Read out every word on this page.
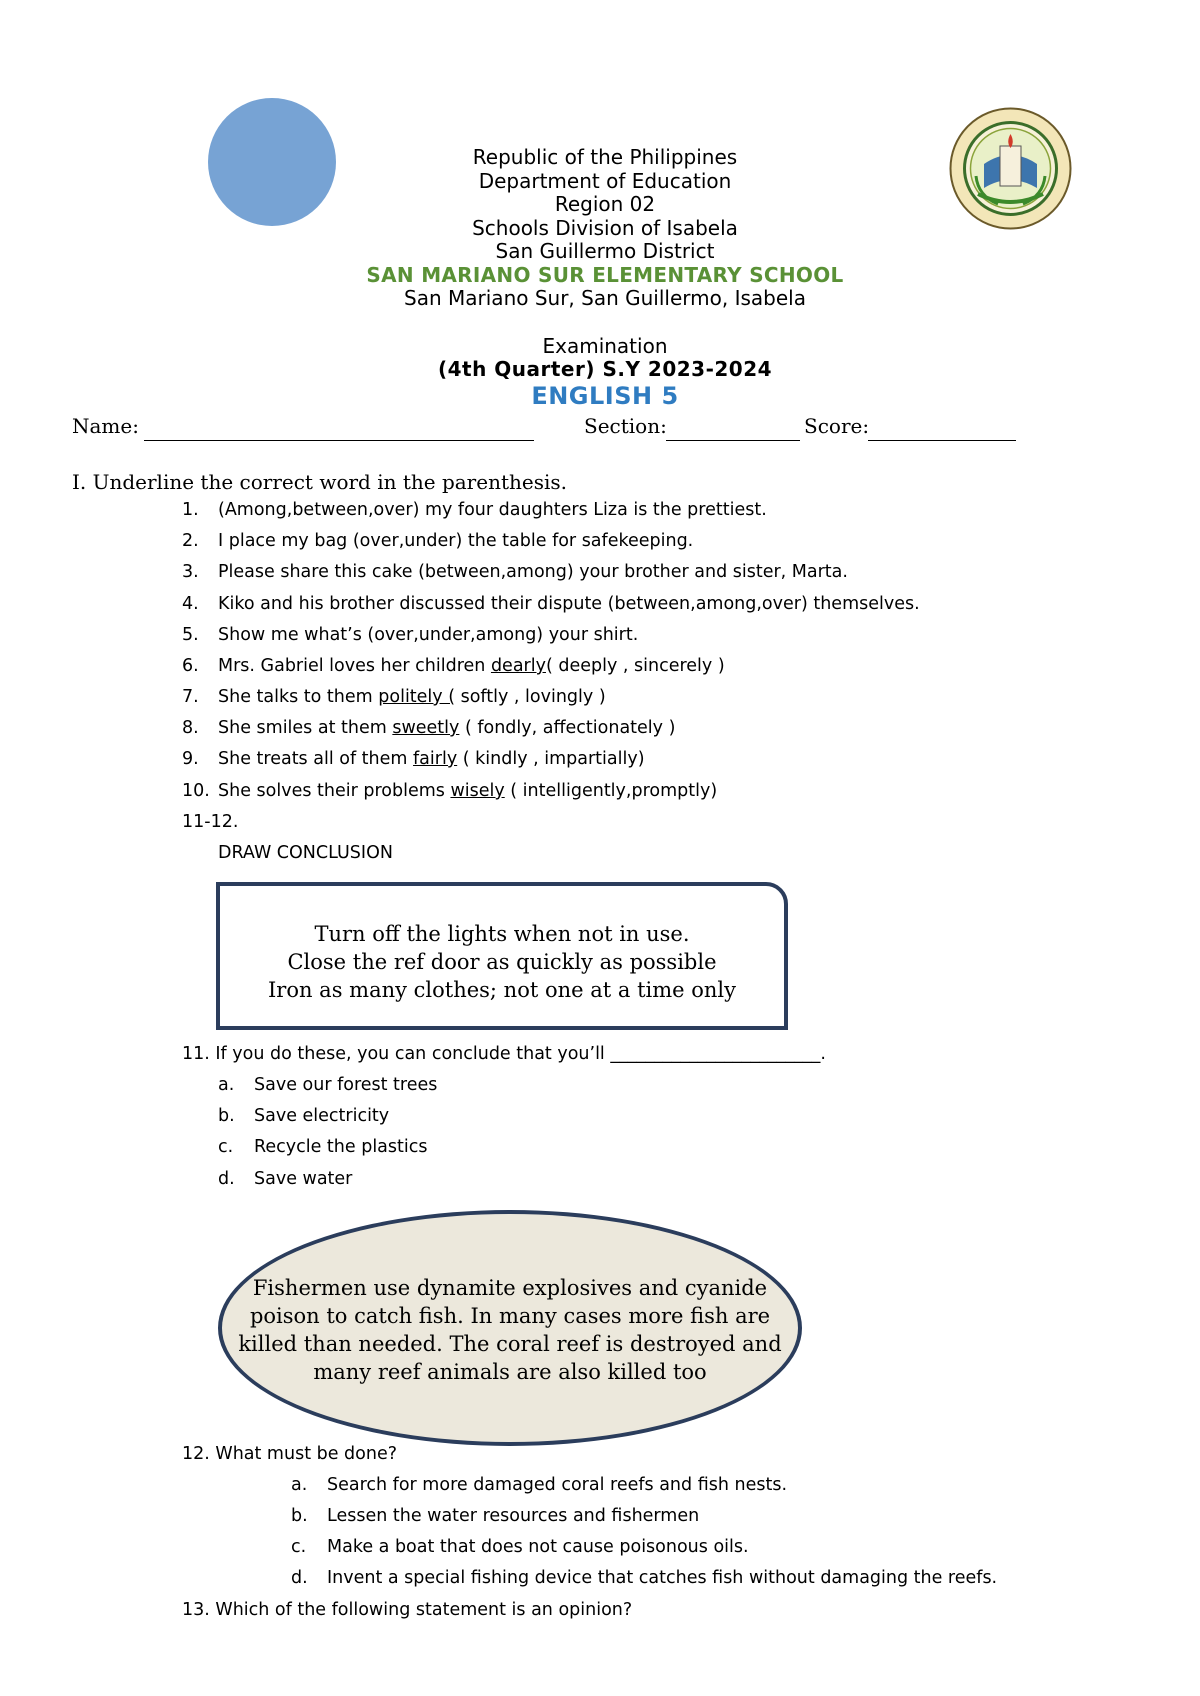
Republic of the Philippines
Department of Education
Region 02
Schools Division of Isabela
San Guillermo District
SAN MARIANO SUR ELEMENTARY SCHOOL
San Mariano Sur, San Guillermo, Isabela
Examination
(4th Quarter) S.Y 2023-2024
ENGLISH 5
Name:	Section:	Score:
I. Underline the correct word in the parenthesis.
1. (Among,between,over) my four daughters Liza is the prettiest.
2. I place my bag (over,under) the table for safekeeping.
3. Please share this cake (between,among) your brother and sister, Marta.
4. Kiko and his brother discussed their dispute (between,among,over) themselves.
5. Show me what’s (over,under,among) your shirt.
6. Mrs. Gabriel loves her children dearly( deeply , sincerely )
7. She talks to them politely ( softly , lovingly )
8. She smiles at them sweetly ( fondly, affectionately )
9. She treats all of them fairly ( kindly , impartially)
10. She solves their problems wisely ( intelligently,promptly)
11-12.
DRAW CONCLUSION
Turn off the lights when not in use.
Close the ref door as quickly as possible
Iron as many clothes; not one at a time only
11. If you do these, you can conclude that you’ll ________________________.
a. Save our forest trees
b. Save electricity
c. Recycle the plastics
d. Save water
Fishermen use dynamite explosives and cyanide poison to catch fish. In many cases more fish are killed than needed. The coral reef is destroyed and many reef animals are also killed too
12. What must be done?
a. Search for more damaged coral reefs and fish nests.
b. Lessen the water resources and fishermen
c. Make a boat that does not cause poisonous oils.
d. Invent a special fishing device that catches fish without damaging the reefs.
13. Which of the following statement is an opinion?
